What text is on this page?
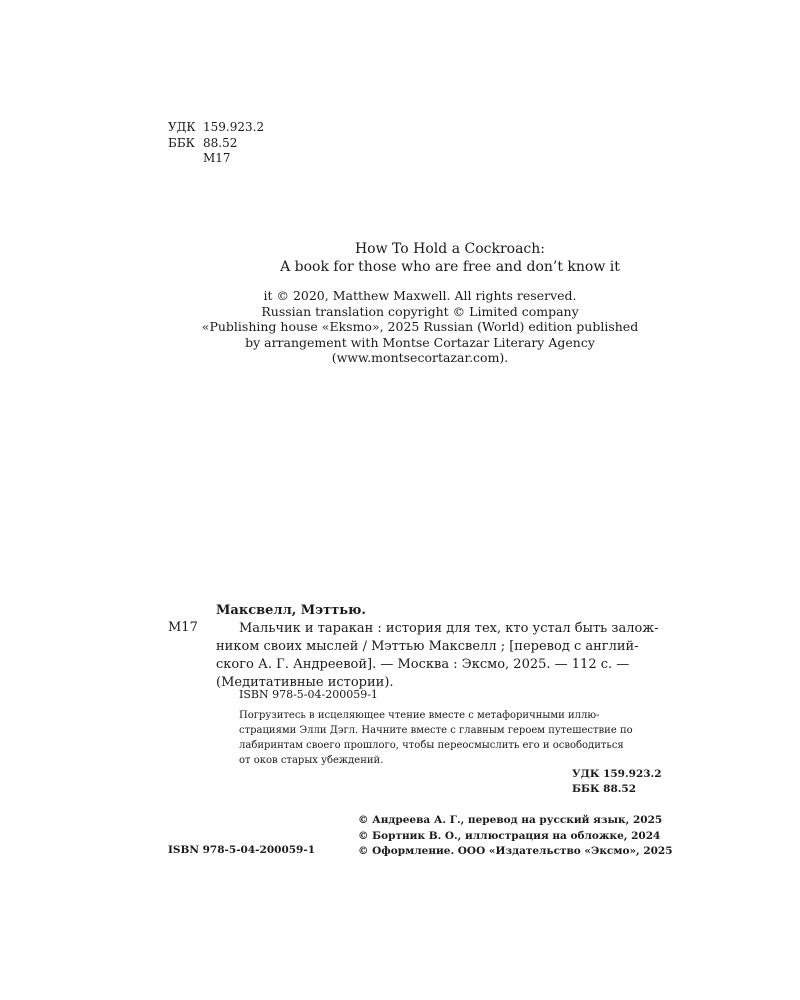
УДК 159.923.2
ББК 88.52
М17
How To Hold a Cockroach:
A book for those who are free and don’t know it
it © 2020, Matthew Maxwell. All rights reserved.
Russian translation copyright © Limited company
«Publishing house «Eksmo», 2025 Russian (World) edition published
by arrangement with Montse Cortazar Literary Agency
(www.montsecortazar.com).
Максвелл, Мэттью.
М17	Мальчик и таракан : история для тех, кто устал быть залож-
ником своих мыслей / Мэттью Максвелл ; [перевод с англий-
ского А. Г. Андреевой]. — Москва : Эксмо, 2025. — 112 с. —
(Медитативные истории).
ISBN 978-5-04-200059-1
Погрузитесь в исцеляющее чтение вместе с метафоричными иллю-
страциями Элли Дэгл. Начните вместе с главным героем путешествие по
лабиринтам своего прошлого, чтобы переосмыслить его и освободиться
от оков старых убеждений.
УДК 159.923.2
ББК 88.52
© Андреева А. Г., перевод на русский язык, 2025
© Бортник В. О., иллюстрация на обложке, 2024
© Оформление. ООО «Издательство «Эксмо», 2025
ISBN 978-5-04-200059-1
